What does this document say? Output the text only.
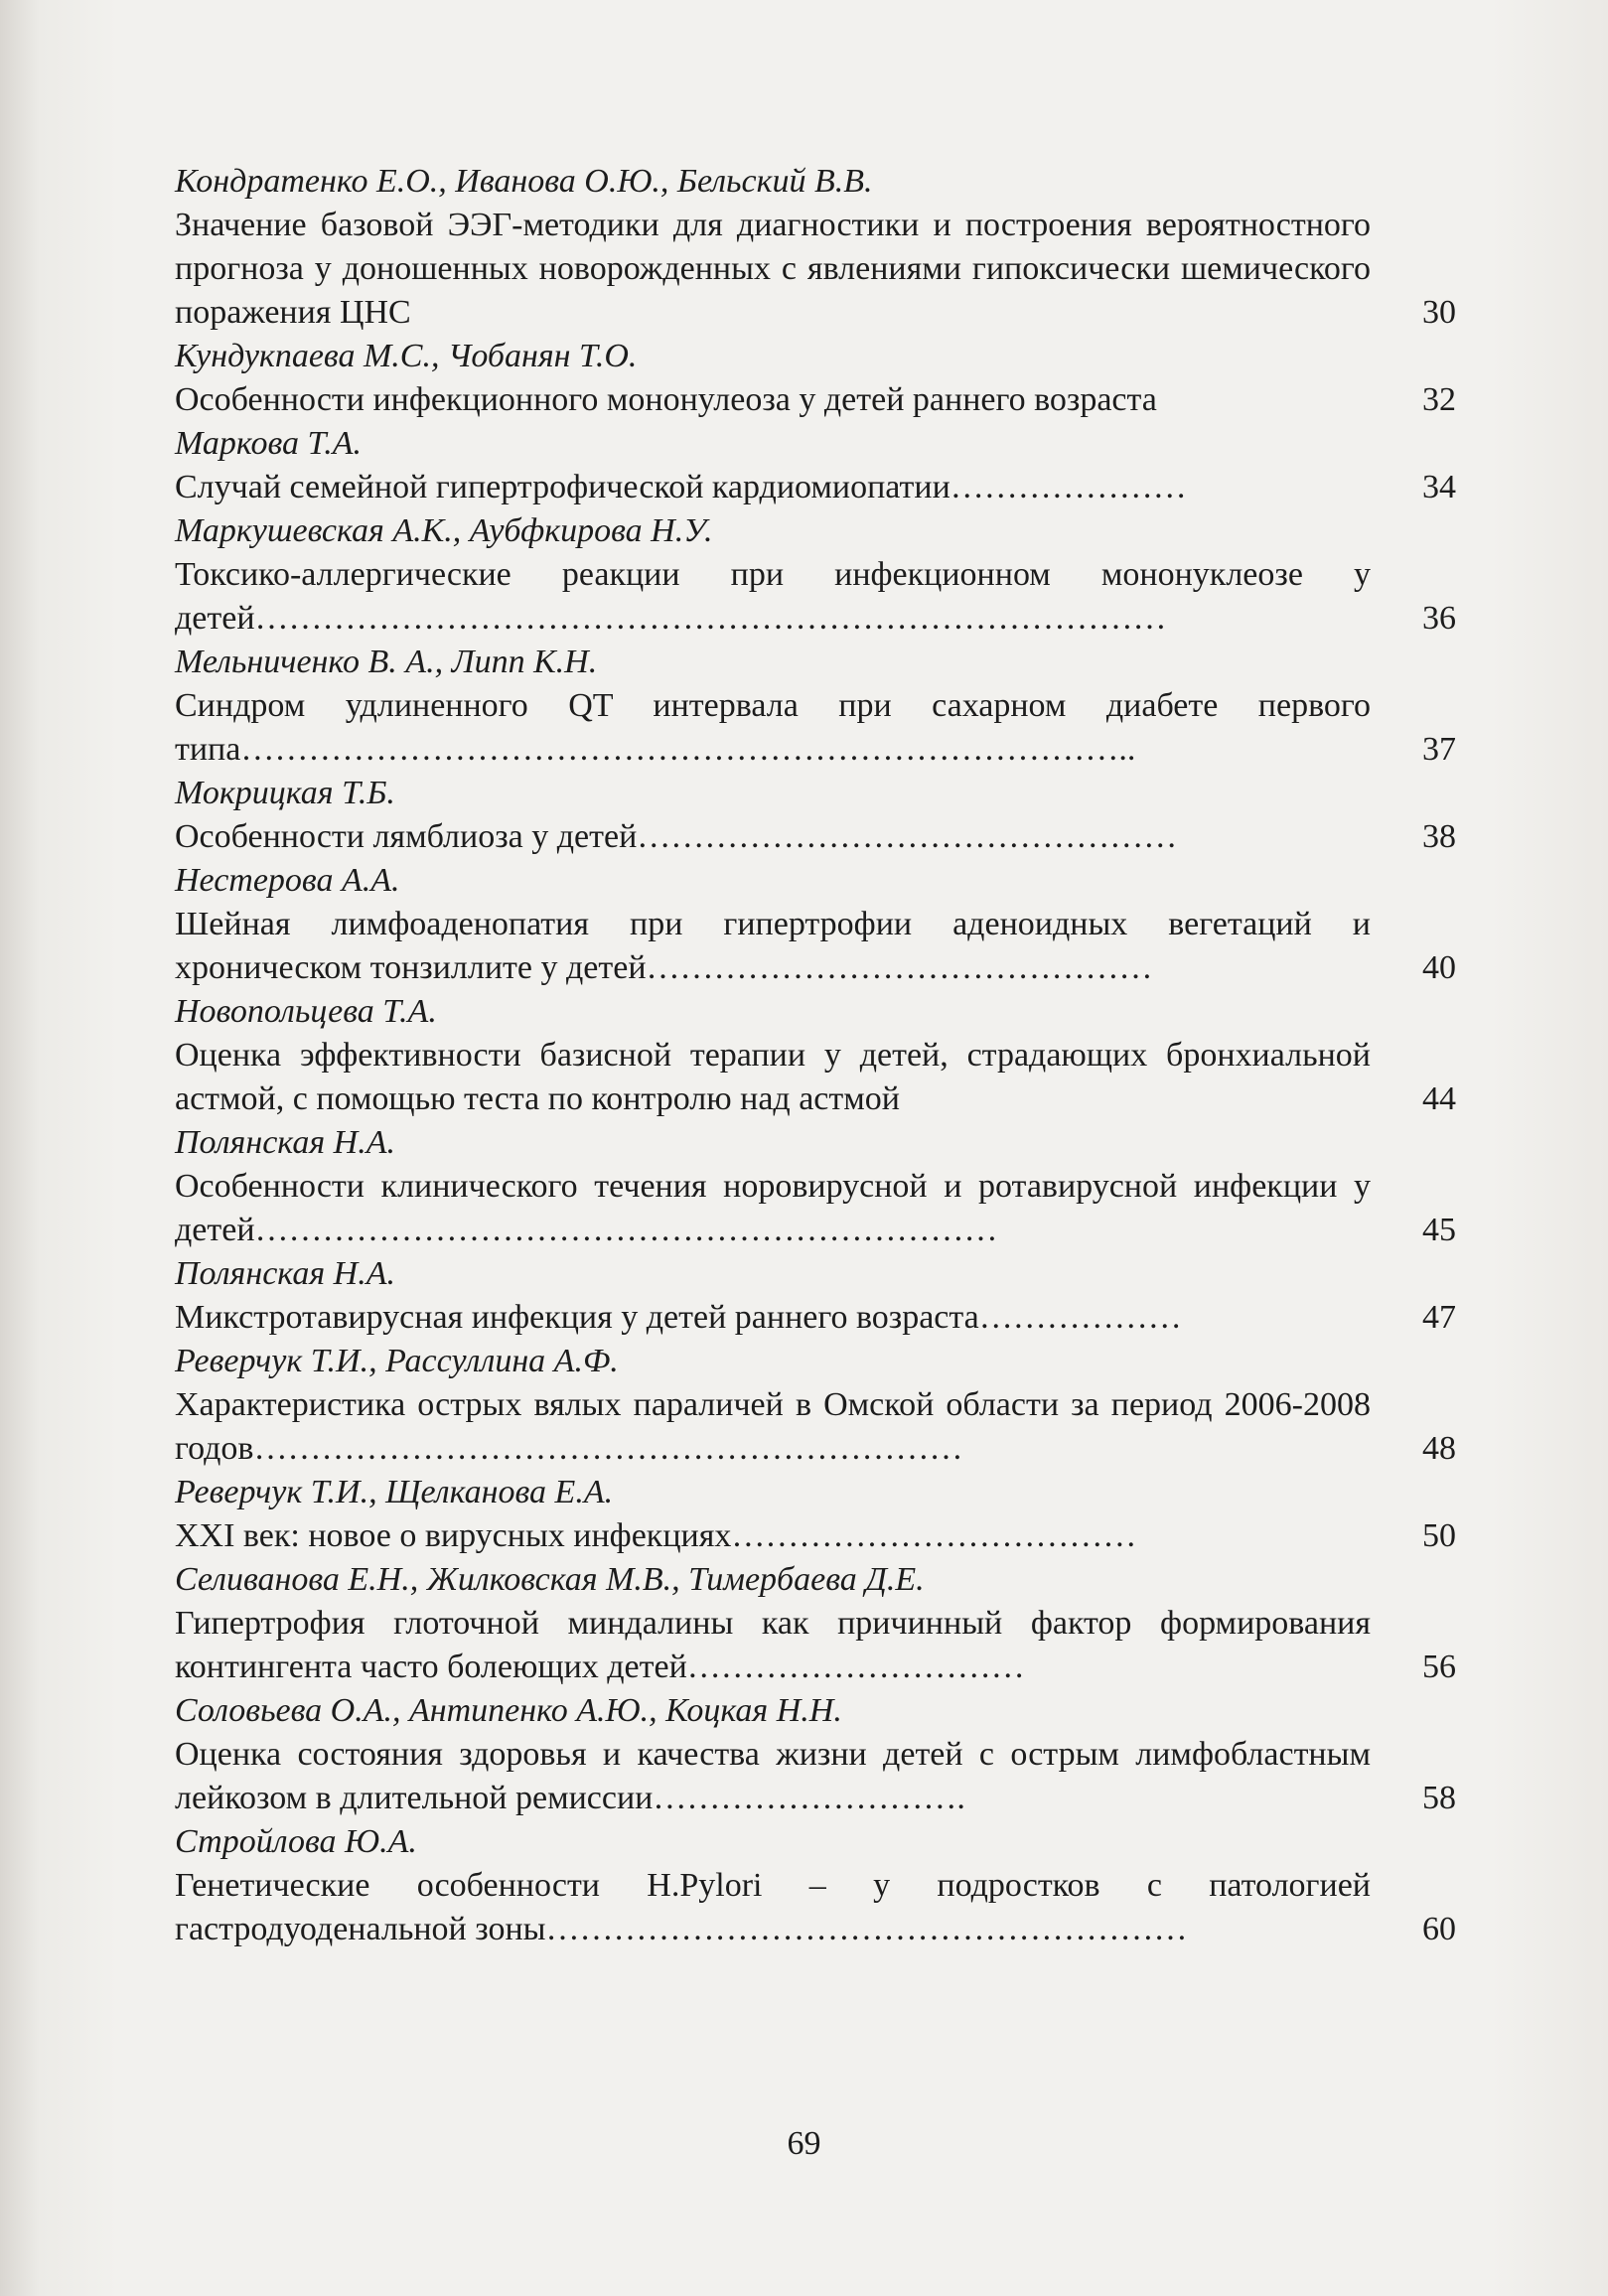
Кондратенко Е.О., Иванова О.Ю., Бельский В.В.
Значение базовой ЭЭГ-методики для диагностики и построения вероятностного прогноза у доношенных новорожденных с явлениями гипоксически шемического поражения ЦНС	30
Кундукпаева М.С., Чобанян Т.О.
Особенности инфекционного мононулеоза у детей раннего возраста	32
Маркова Т.А.
Случай семейной гипертрофической кардиомиопатии…………………	34
Маркушевская А.К., Аубфкирова Н.У.
Токсико-аллергические реакции при инфекционном мононуклеозе у детей………………………………………………………………………	36
Мельниченко В. А., Липп К.Н.
Синдром удлиненного QT интервала при сахарном диабете первого типа……………………………………………………………………..	37
Мокрицкая Т.Б.
Особенности лямблиоза у детей…………………………………………	38
Нестерова А.А.
Шейная лимфоаденопатия при гипертрофии аденоидных вегетаций и хроническом тонзиллите у детей………………………………………	40
Новопольцева Т.А.
Оценка эффективности базисной терапии у детей, страдающих бронхиальной астмой, с помощью теста по контролю над астмой	44
Полянская Н.А.
Особенности клинического течения норовирусной и ротавирусной инфекции у детей…………………………………………………………	45
Полянская Н.А.
Микстротавирусная инфекция у детей раннего возраста………………	47
Реверчук Т.И., Рассуллина А.Ф.
Характеристика острых вялых параличей в Омской области за период 2006-2008 годов………………………………………………………	48
Реверчук Т.И., Щелканова Е.А.
XXI век: новое о вирусных инфекциях………………………………	50
Селиванова Е.Н., Жилковская М.В., Тимербаева Д.Е.
Гипертрофия глоточной миндалины как причинный фактор формирования контингента часто болеющих детей…………………………	56
Соловьева О.А., Антипенко А.Ю., Коцкая Н.Н.
Оценка состояния здоровья и качества жизни детей с острым лимфобластным лейкозом в длительной ремиссии……………………….	58
Стройлова Ю.А.
Генетические особенности H.Pylori – у подростков с патологией гастродуоденальной зоны…………………………………………………	60
69
